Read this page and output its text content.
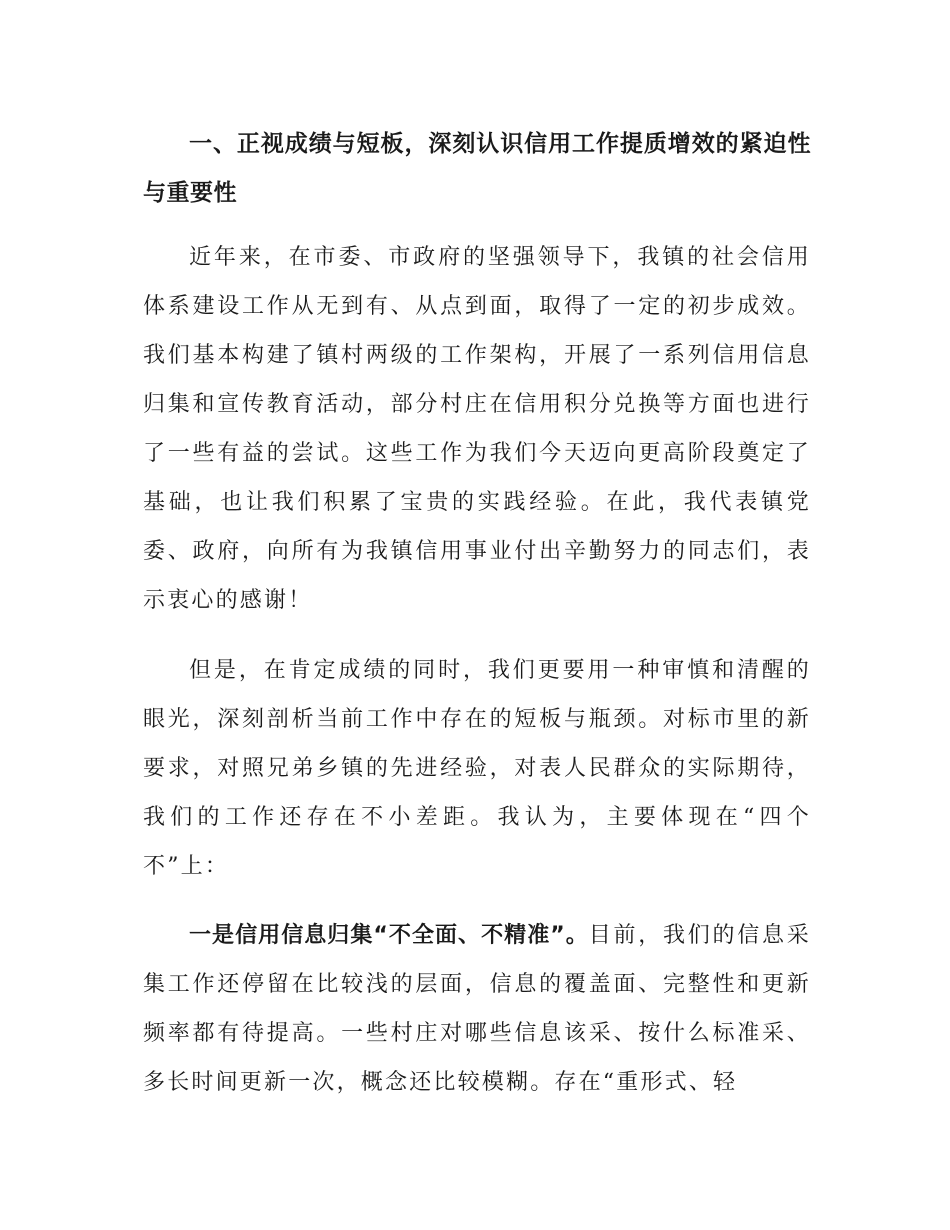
一、正视成绩与短板，深刻认识信用工作提质增效的紧迫性与重要性

近年来，在市委、市政府的坚强领导下，我镇的社会信用体系建设工作从无到有、从点到面，取得了一定的初步成效。我们基本构建了镇村两级的工作架构，开展了一系列信用信息归集和宣传教育活动，部分村庄在信用积分兑换等方面也进行了一些有益的尝试。这些工作为我们今天迈向更高阶段奠定了基础，也让我们积累了宝贵的实践经验。在此，我代表镇党委、政府，向所有为我镇信用事业付出辛勤努力的同志们，表示衷心的感谢！

但是，在肯定成绩的同时，我们更要用一种审慎和清醒的眼光，深刻剖析当前工作中存在的短板与瓶颈。对标市里的新要求，对照兄弟乡镇的先进经验，对表人民群众的实际期待，我们的工作还存在不小差距。我认为，主要体现在“四个不”上：

一是信用信息归集“不全面、不精准”。目前，我们的信息采集工作还停留在比较浅的层面，信息的覆盖面、完整性和更新频率都有待提高。一些村庄对哪些信息该采、按什么标准采、多长时间更新一次，概念还比较模糊。存在“重形式、轻
